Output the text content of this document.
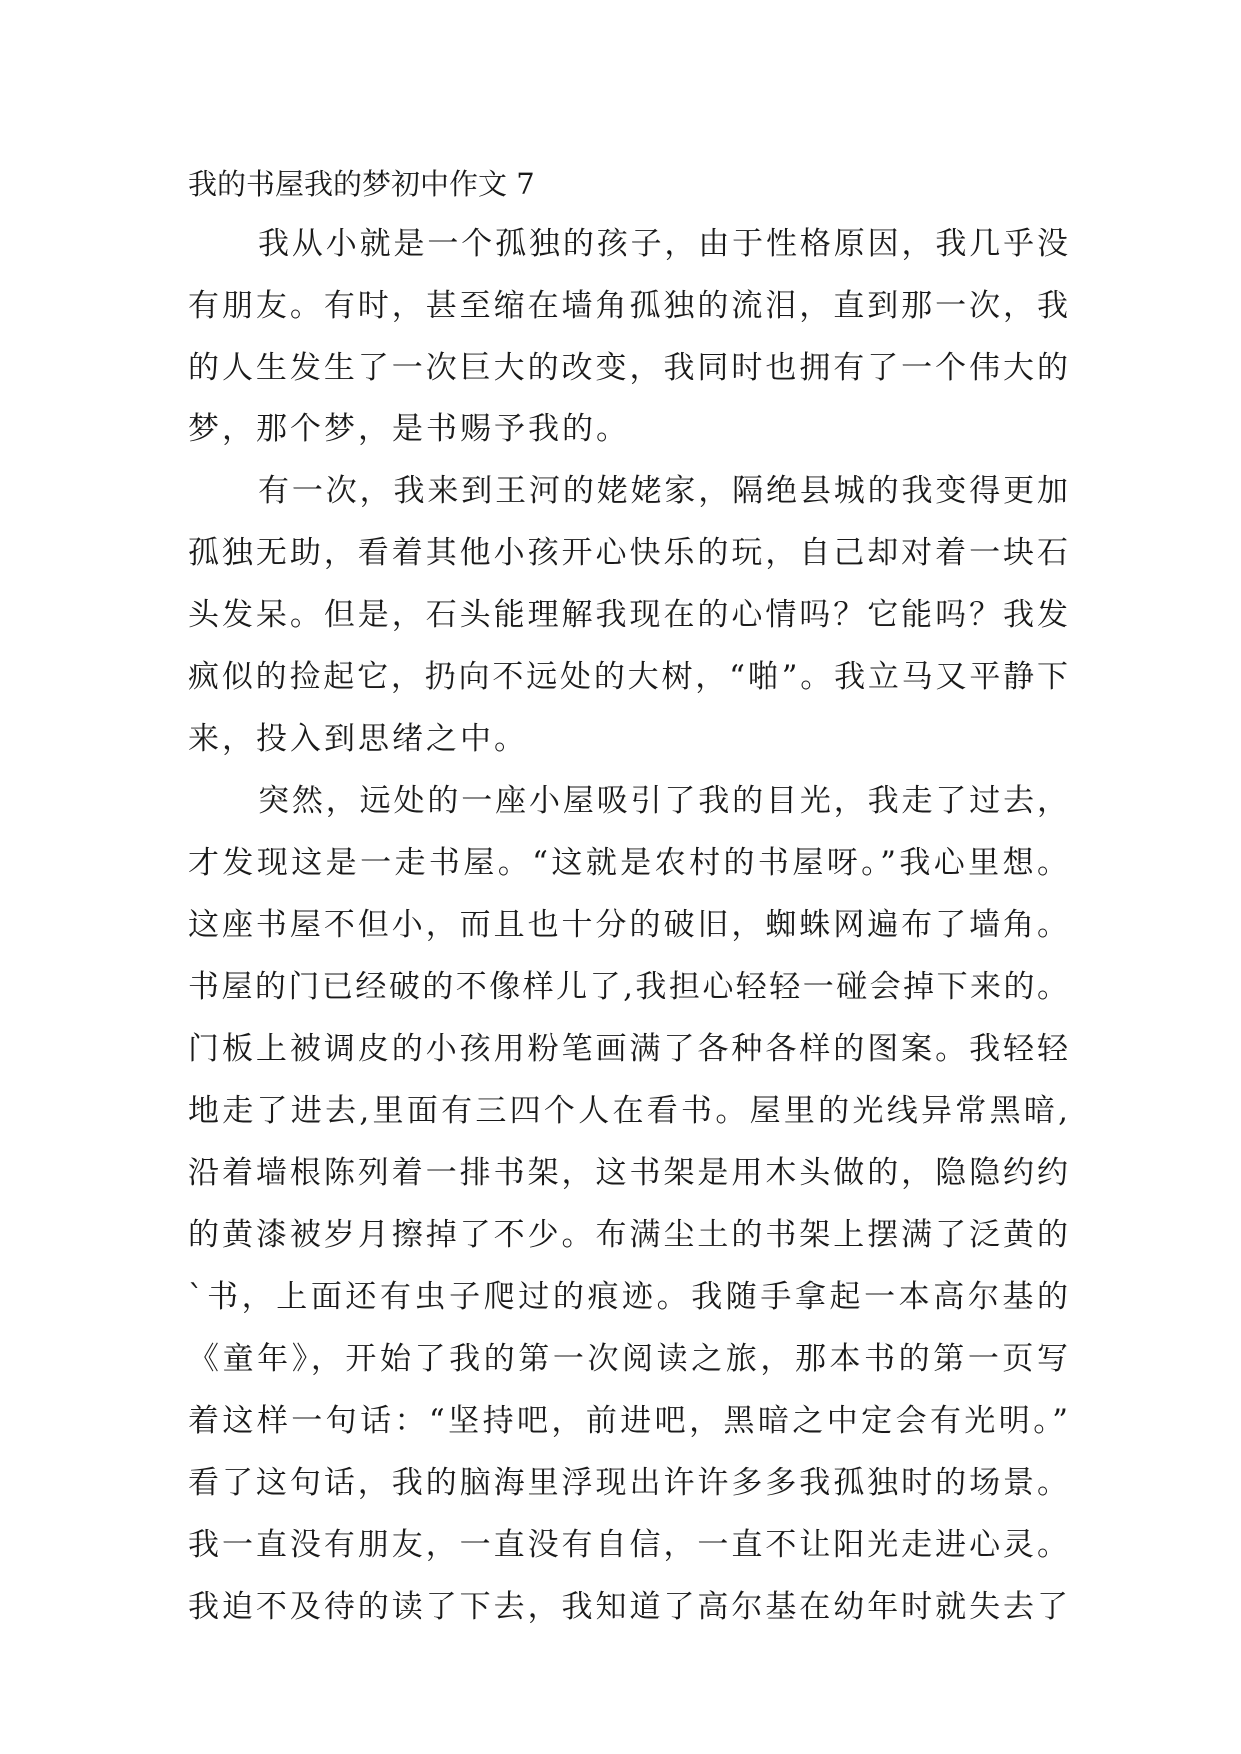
我的书屋我的梦初中作文 7
我从小就是一个孤独的孩子，由于性格原因，我几乎没
有朋友。有时，甚至缩在墙角孤独的流泪，直到那一次，我
的人生发生了一次巨大的改变，我同时也拥有了一个伟大的
梦，那个梦，是书赐予我的。
有一次，我来到王河的姥姥家，隔绝县城的我变得更加
孤独无助，看着其他小孩开心快乐的玩，自己却对着一块石
头发呆。但是，石头能理解我现在的心情吗？它能吗？我发
疯似的捡起它，扔向不远处的大树，“啪”。我立马又平静下
来，投入到思绪之中。
突然，远处的一座小屋吸引了我的目光，我走了过去，
才发现这是一走书屋。“这就是农村的书屋呀。”我心里想。
这座书屋不但小，而且也十分的破旧，蜘蛛网遍布了墙角。
书屋的门已经破的不像样儿了,我担心轻轻一碰会掉下来的。
门板上被调皮的小孩用粉笔画满了各种各样的图案。我轻轻
地走了进去,里面有三四个人在看书。屋里的光线异常黑暗,
沿着墙根陈列着一排书架，这书架是用木头做的，隐隐约约
的黄漆被岁月擦掉了不少。布满尘土的书架上摆满了泛黄的
`书，上面还有虫子爬过的痕迹。我随手拿起一本高尔基的
《童年》，开始了我的第一次阅读之旅，那本书的第一页写
着这样一句话：“坚持吧，前进吧，黑暗之中定会有光明。”
看了这句话，我的脑海里浮现出许许多多我孤独时的场景。
我一直没有朋友，一直没有自信，一直不让阳光走进心灵。
我迫不及待的读了下去，我知道了高尔基在幼年时就失去了
